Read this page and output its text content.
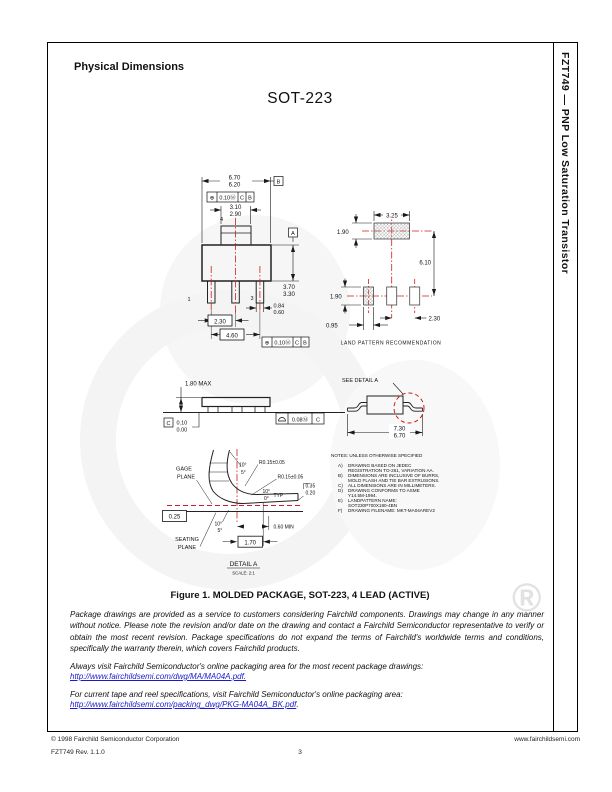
®
FZT749 — PNP Low Saturation Transistor
Physical Dimensions
SOT-223
B
A
⊕ 0.10Ⓜ C B
6.70
6.20
3.10
2.90
4
1	3
0.84
0.60
2.30
4.60
3.70
3.30
⊕ 0.10Ⓜ C B
3.25
1.90
6.10
1.90
0.95
2.30
LAND PATTERN RECOMMENDATION
1.80 MAX
C 0.10
0.00
0.08Ⓜ C
SEE DETAIL A
7.30
6.70
NOTES: UNLESS OTHERWISE SPECIFIED
A) DRAWING BASED ON JEDEC
REGISTRATION TO-261, VARIATION AA.
B) DIMENSIONS ARE INCLUSIVE OF BURRS,
MOLD FLASH AND TIE BAR EXTRUSIONS.
C) ALL DIMENSIONS ARE IN MILLIMETERS.
D) DRAWING CONFORMS TO ASME
Y14.5M-1994.
E) LANDPATTERN NAME:
SOT230P700X180-4BN
F) DRAWING FILENAME: MKT-MA04AREV2
GAGE
PLANE
10°
5°
R0.15±0.05
R0.15±0.05
10°
0° TYP
0.35
0.20
0.25
10°
5°
0.60 MIN
1.70
SEATING
PLANE
DETAIL A
SCALE: 2:1
Figure 1. MOLDED PACKAGE, SOT-223, 4 LEAD (ACTIVE)
Package drawings are provided as a service to customers considering Fairchild components. Drawings may change in any manner without notice. Please note the revision and/or date on the drawing and contact a Fairchild Semiconductor representative to verify or obtain the most recent revision. Package specifications do not expand the terms of Fairchild's worldwide terms and conditions, specifically the warranty therein, which covers Fairchild products.
Always visit Fairchild Semiconductor's online packaging area for the most recent package drawings:
http://www.fairchildsemi.com/dwg/MA/MA04A.pdf.
For current tape and reel specifications, visit Fairchild Semiconductor's online packaging area:
http://www.fairchildsemi.com/packing_dwg/PKG-MA04A_BK.pdf.
© 1998 Fairchild Semiconductor Corporation	www.fairchildsemi.com
FZT749 Rev. 1.1.0	3
